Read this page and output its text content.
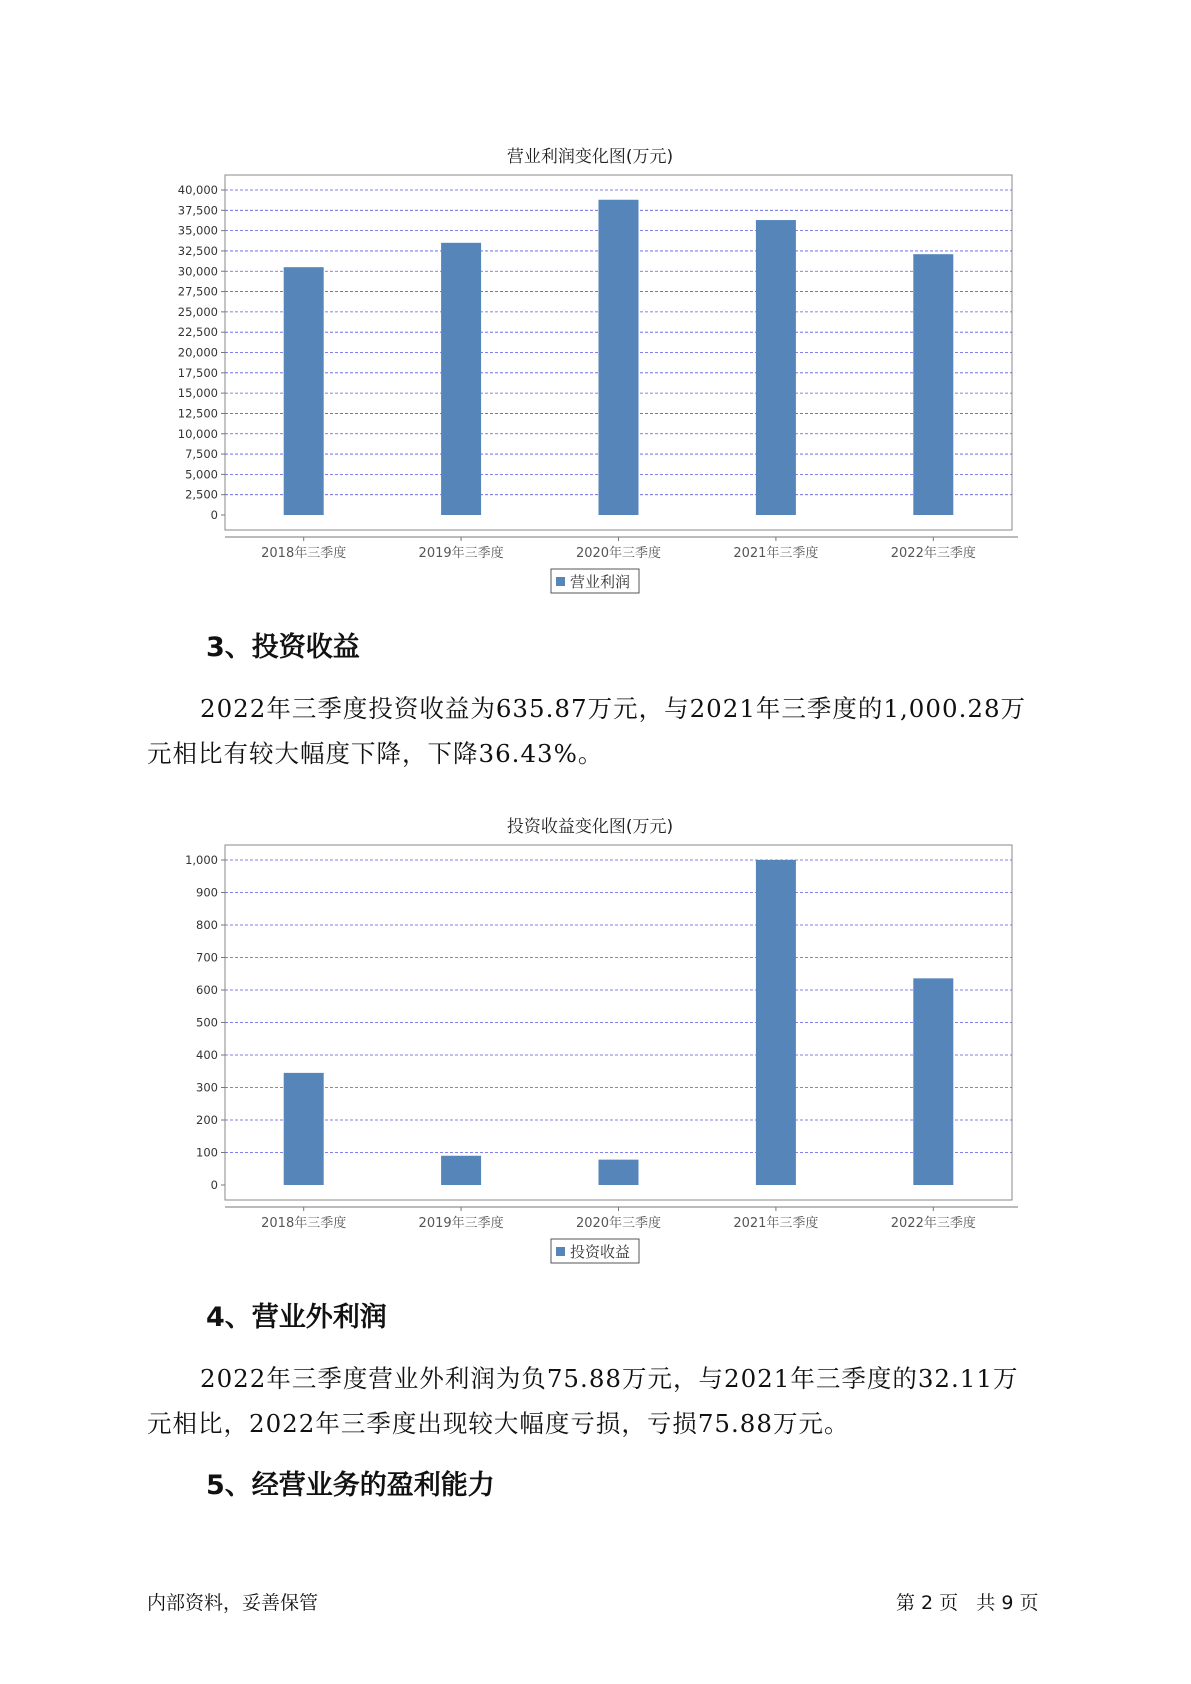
营业利润变化图(万元)
0
2,500
5,000
7,500
10,000
12,500
15,000
17,500
20,000
22,500
25,000
27,500
30,000
32,500
35,000
37,500
40,000
2018年三季度	2019年三季度	2020年三季度	2021年三季度	2022年三季度
营业利润
3、投资收益

2022年三季度投资收益为635.87万元，与2021年三季度的1,000.28万
元相比有较大幅度下降，下降36.43%。

投资收益变化图(万元)
0
100
200
300
400
500
600
700
800
900
1,000
2018年三季度	2019年三季度	2020年三季度	2021年三季度	2022年三季度
投资收益
4、营业外利润

2022年三季度营业外利润为负75.88万元，与2021年三季度的32.11万
元相比，2022年三季度出现较大幅度亏损，亏损75.88万元。

5、经营业务的盈利能力
内部资料，妥善保管	第 2 页   共 9 页
